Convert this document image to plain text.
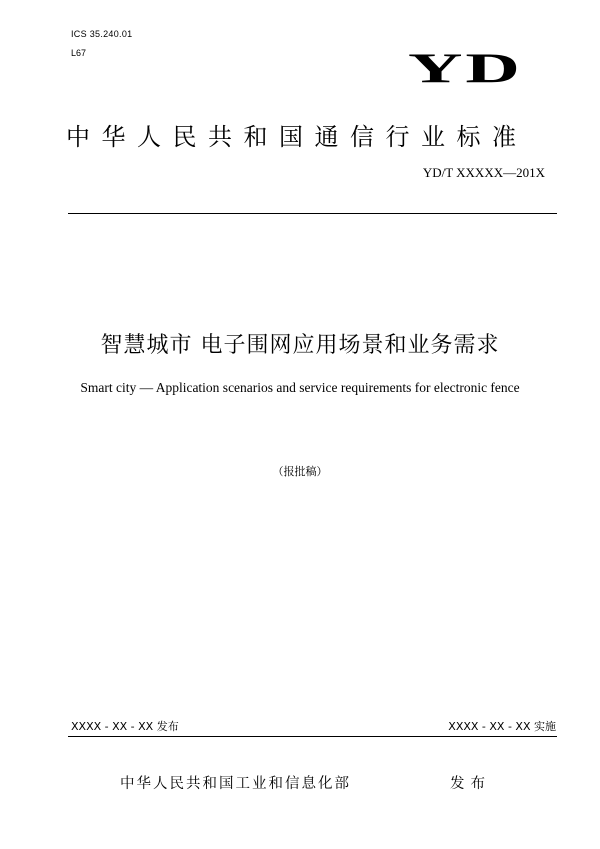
ICS 35.240.01
L67	YD
中华人民共和国通信行业标准
YD/T XXXXX—201X
智慧城市 电子围网应用场景和业务需求
Smart city — Application scenarios and service requirements for electronic fence
（报批稿）
XXXX - XX - XX 发布	XXXX - XX - XX 实施
中华人民共和国工业和信息化部	发布
